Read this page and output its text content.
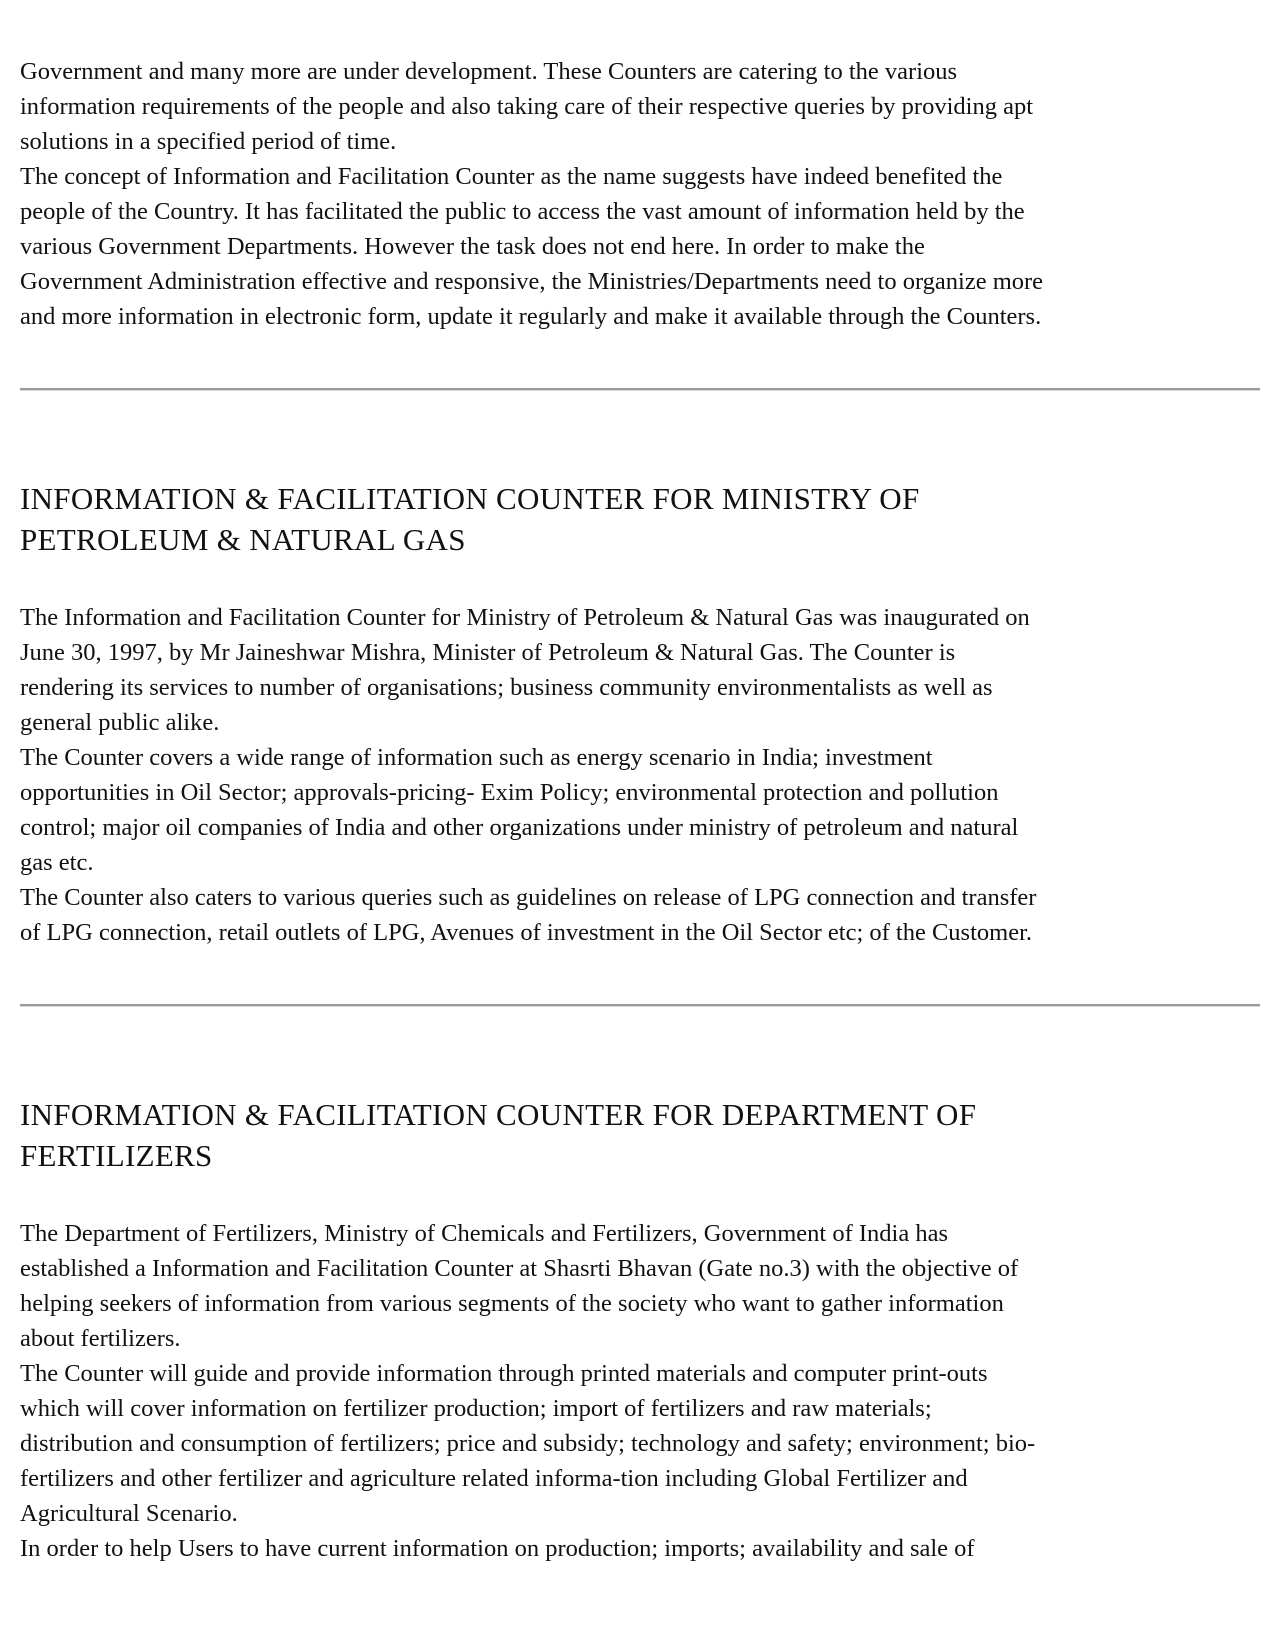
Government and many more are under development. These Counters are catering to the various
information requirements of the people and also taking care of their respective queries by providing apt
solutions in a specified period of time.
The concept of Information and Facilitation Counter as the name suggests have indeed benefited the
people of the Country. It has facilitated the public to access the vast amount of information held by the
various Government Departments. However the task does not end here. In order to make the
Government Administration effective and responsive, the Ministries/Departments need to organize more
and more information in electronic form, update it regularly and make it available through the Counters.
INFORMATION & FACILITATION COUNTER FOR MINISTRY OF
PETROLEUM & NATURAL GAS
The Information and Facilitation Counter for Ministry of Petroleum & Natural Gas was inaugurated on
June 30, 1997, by Mr Jaineshwar Mishra, Minister of Petroleum & Natural Gas. The Counter is
rendering its services to number of organisations; business community environmentalists as well as
general public alike.
The Counter covers a wide range of information such as energy scenario in India; investment
opportunities in Oil Sector; approvals-pricing- Exim Policy; environmental protection and pollution
control; major oil companies of India and other organizations under ministry of petroleum and natural
gas etc.
The Counter also caters to various queries such as guidelines on release of LPG connection and transfer
of LPG connection, retail outlets of LPG, Avenues of investment in the Oil Sector etc; of the Customer.
INFORMATION & FACILITATION COUNTER FOR DEPARTMENT OF
FERTILIZERS
The Department of Fertilizers, Ministry of Chemicals and Fertilizers, Government of India has
established a Information and Facilitation Counter at Shasrti Bhavan (Gate no.3) with the objective of
helping seekers of information from various segments of the society who want to gather information
about fertilizers.
The Counter will guide and provide information through printed materials and computer print-outs
which will cover information on fertilizer production; import of fertilizers and raw materials;
distribution and consumption of fertilizers; price and subsidy; technology and safety; environment; bio-
fertilizers and other fertilizer and agriculture related informa-tion including Global Fertilizer and
Agricultural Scenario.
In order to help Users to have current information on production; imports; availability and sale of
